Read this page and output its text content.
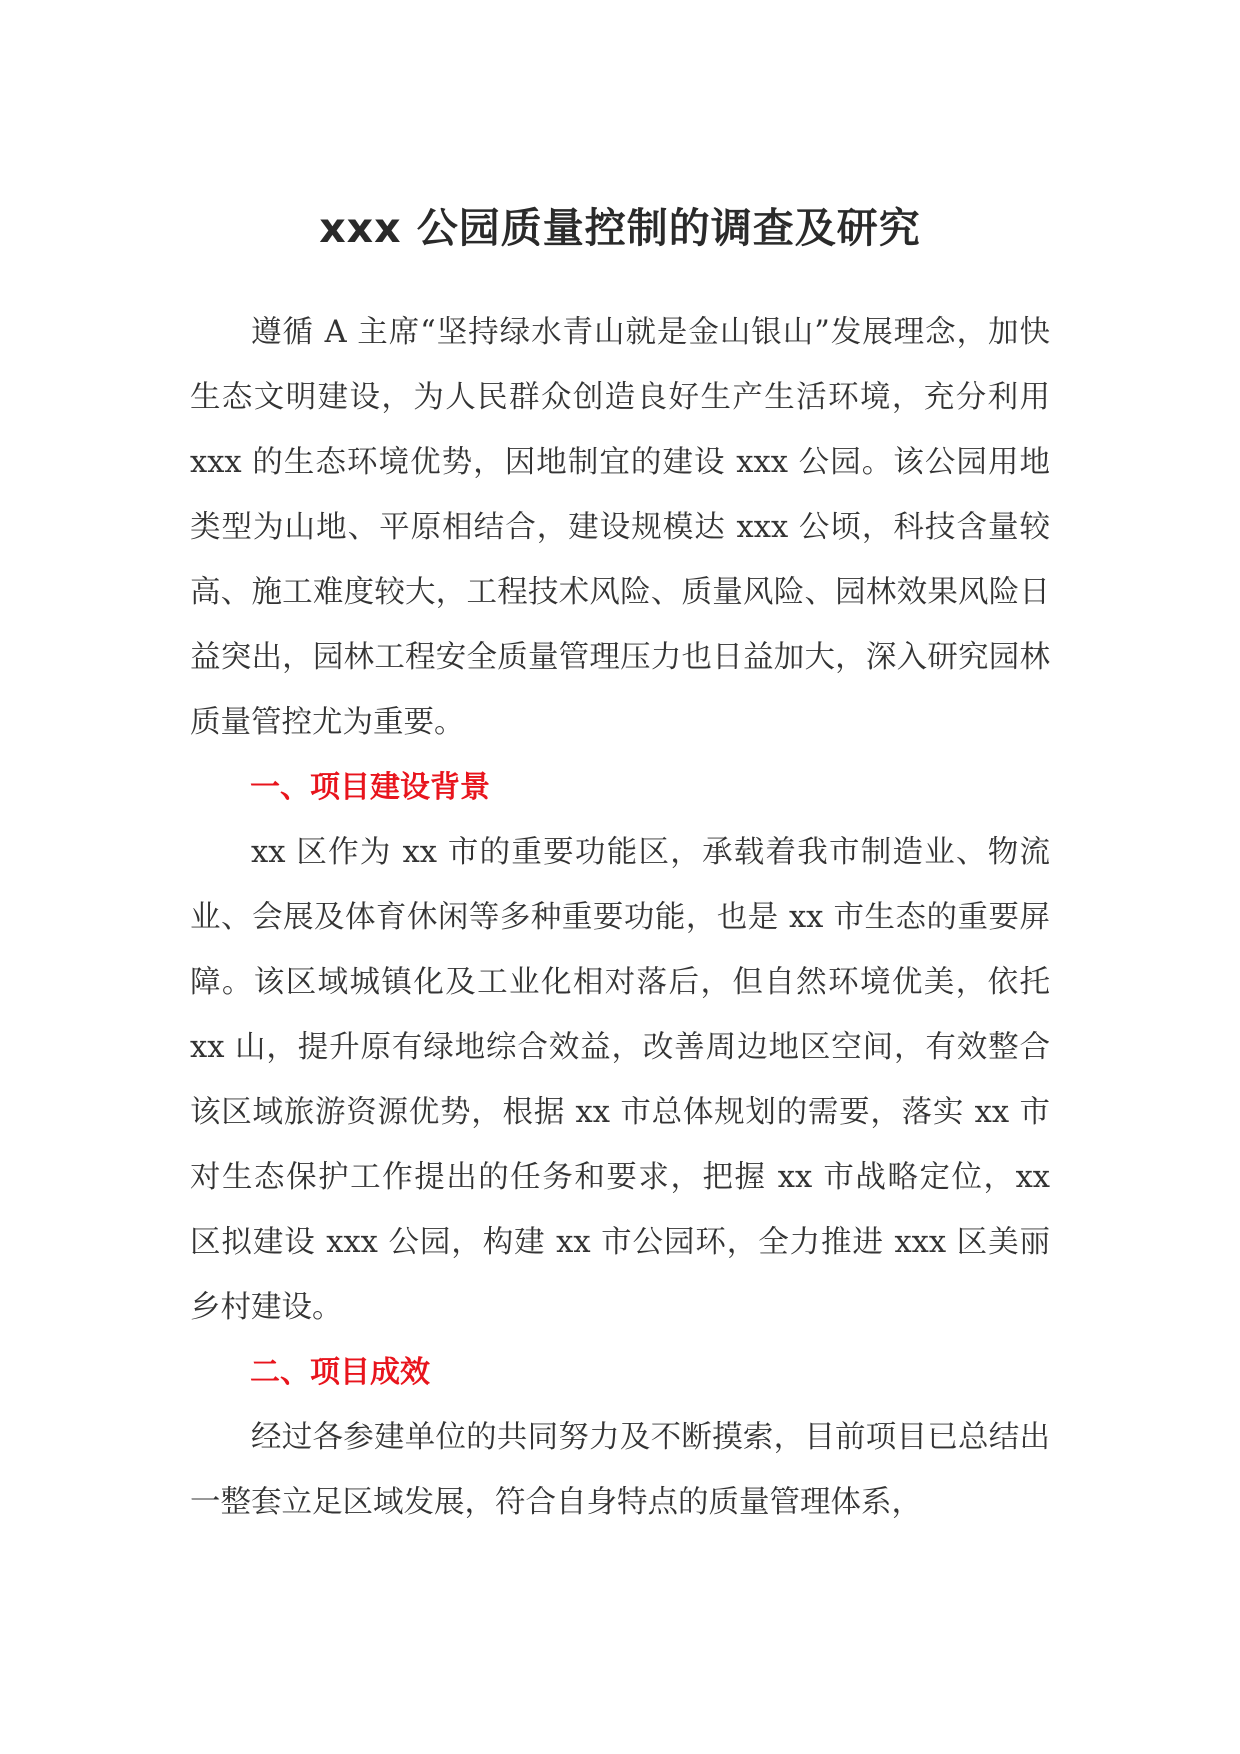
xxx 公园质量控制的调查及研究

遵循 A 主席“坚持绿水青山就是金山银山”发展理念，加快生态文明建设，为人民群众创造良好生产生活环境，充分利用 xxx 的生态环境优势，因地制宜的建设 xxx 公园。该公园用地类型为山地、平原相结合，建设规模达 xxx 公顷，科技含量较高、施工难度较大，工程技术风险、质量风险、园林效果风险日益突出，园林工程安全质量管理压力也日益加大，深入研究园林质量管控尤为重要。

一、项目建设背景

xx 区作为 xx 市的重要功能区，承载着我市制造业、物流业、会展及体育休闲等多种重要功能，也是 xx 市生态的重要屏障。该区域城镇化及工业化相对落后，但自然环境优美，依托 xx 山，提升原有绿地综合效益，改善周边地区空间，有效整合该区域旅游资源优势，根据 xx 市总体规划的需要，落实 xx 市对生态保护工作提出的任务和要求，把握 xx 市战略定位，xx 区拟建设 xxx 公园，构建 xx 市公园环，全力推进 xxx 区美丽乡村建设。

二、项目成效

经过各参建单位的共同努力及不断摸索，目前项目已总结出一整套立足区域发展，符合自身特点的质量管理体系，
